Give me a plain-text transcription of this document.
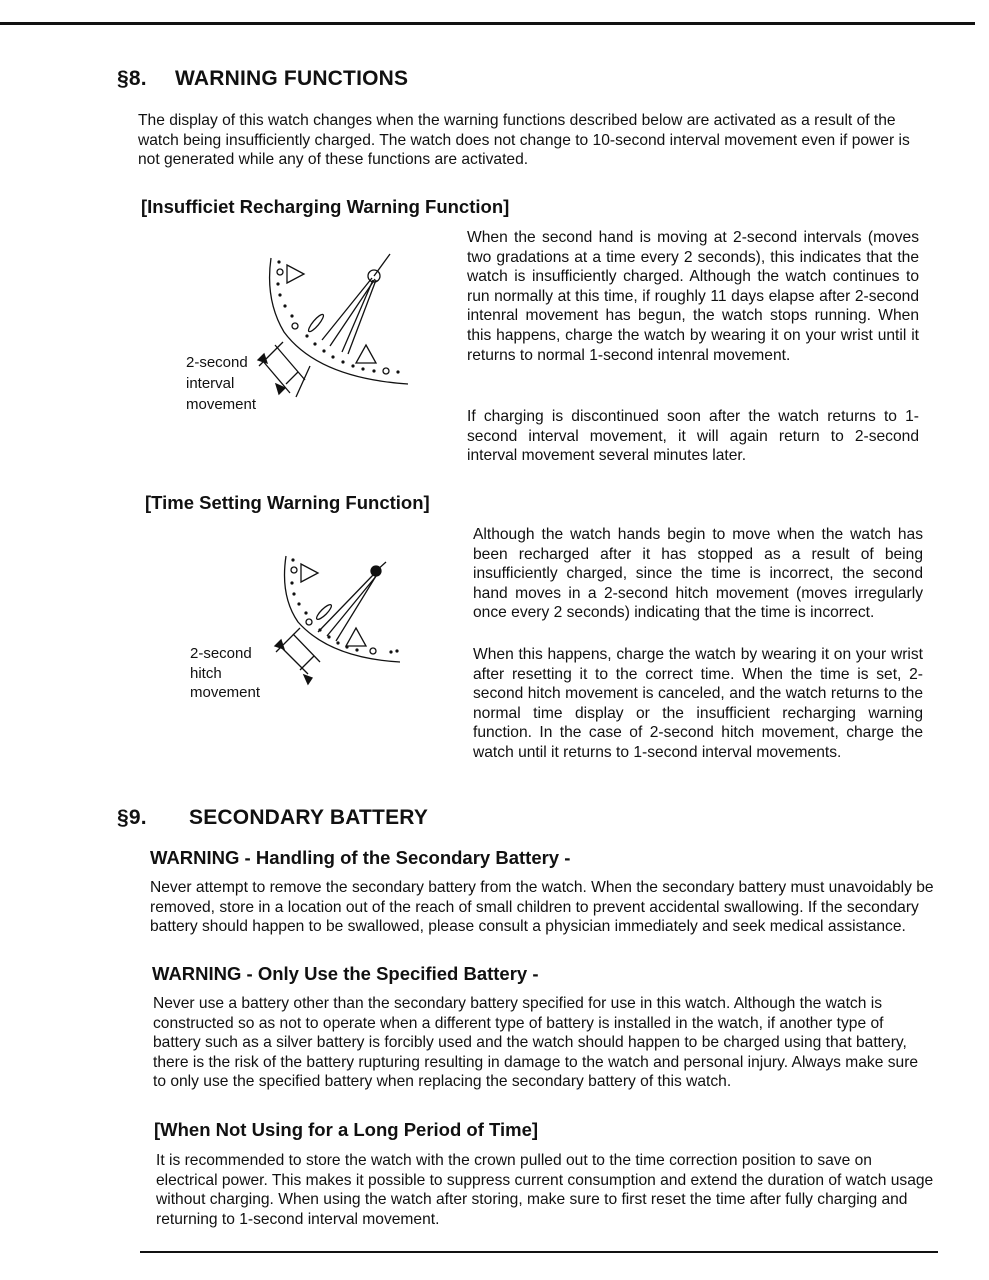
§8. WARNING FUNCTIONS

The display of this watch changes when the warning functions described below are activated as a result of the watch being insufficiently charged. The watch does not change to 10-second interval movement even if power is not generated while any of these functions are activated.

[Insufficiet Recharging Warning Function]
2-second
interval
movement

When the second hand is moving at 2-second intervals (moves two gradations at a time every 2 seconds), this indicates that the watch is insufficiently charged. Although the watch continues to run normally at this time, if roughly 11 days elapse after 2-second intenral movement has begun, the watch stops running. When this happens, charge the watch by wearing it on your wrist until it returns to normal 1-second intenral movement.

If charging is discontinued soon after the watch returns to 1-second interval movement, it will again return to 2-second interval movement several minutes later.

[Time Setting Warning Function]
2-second
hitch
movement

Although the watch hands begin to move when the watch has been recharged after it has stopped as a result of being insufficiently charged, since the time is incorrect, the second hand moves in a 2-second hitch movement (moves irregularly once every 2 seconds) indicating that the time is incorrect.

When this happens, charge the watch by wearing it on your wrist after resetting it to the correct time. When the time is set, 2-second hitch movement is canceled, and the watch returns to the normal time display or the insufficient recharging warning function. In the case of 2-second hitch movement, charge the watch until it returns to 1-second interval movements.

§9. SECONDARY BATTERY
WARNING - Handling of the Secondary Battery -

Never attempt to remove the secondary battery from the watch. When the secondary battery must unavoidably be removed, store in a location out of the reach of small children to prevent accidental swallowing. If the secondary battery should happen to be swallowed, please consult a physician immediately and seek medical assistance.

WARNING - Only Use the Specified Battery -

Never use a battery other than the secondary battery specified for use in this watch. Although the watch is constructed so as not to operate when a different type of battery is installed in the watch, if another type of battery such as a silver battery is forcibly used and the watch should happen to be charged using that battery, there is the risk of the battery rupturing resulting in damage to the watch and personal injury. Always make sure to only use the specified battery when replacing the secondary battery of this watch.

[When Not Using for a Long Period of Time]

It is recommended to store the watch with the crown pulled out to the time correction position to save on electrical power. This makes it possible to suppress current consumption and extend the duration of watch usage without charging. When using the watch after storing, make sure to first reset the time after fully charging and returning to 1-second interval movement.
